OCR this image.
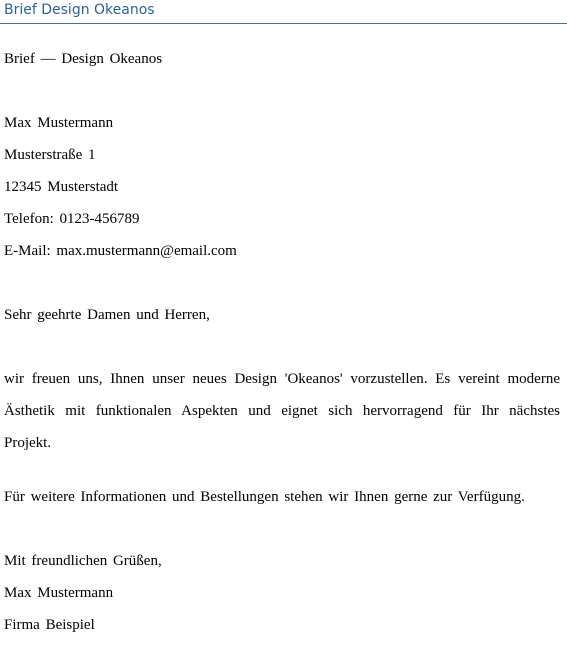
Brief Design Okeanos
Brief — Design Okeanos
Max Mustermann
Musterstraße 1
12345 Musterstadt
Telefon: 0123-456789
E-Mail: max.mustermann@email.com
Sehr geehrte Damen und Herren,
wir freuen uns, Ihnen unser neues Design 'Okeanos' vorzustellen. Es vereint moderne
Ästhetik mit funktionalen Aspekten und eignet sich hervorragend für Ihr nächstes
Projekt.
Für weitere Informationen und Bestellungen stehen wir Ihnen gerne zur Verfügung.
Mit freundlichen Grüßen,
Max Mustermann
Firma Beispiel
